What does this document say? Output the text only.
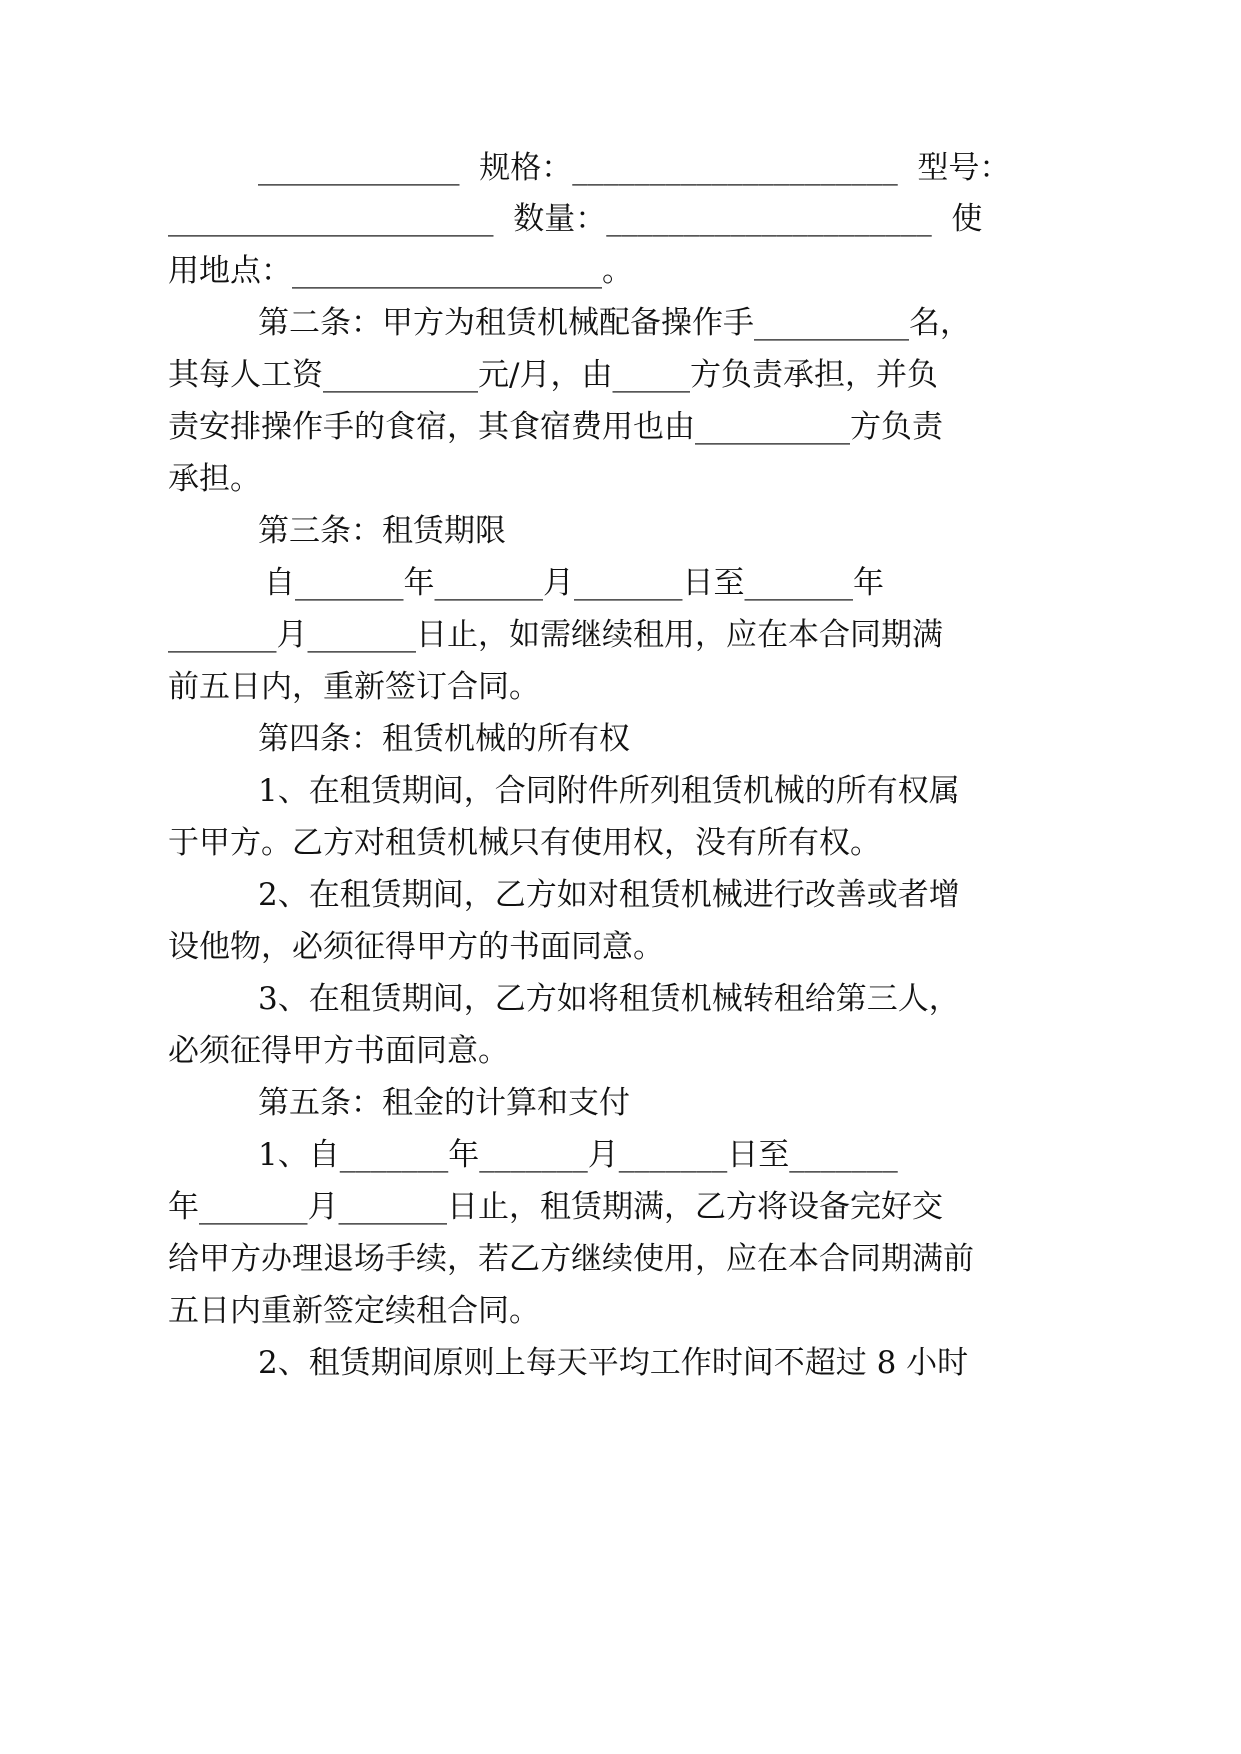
_____________  规格：_____________________  型号：
_____________________  数量：_____________________  使
用地点：____________________。
第二条：甲方为租赁机械配备操作手__________名，
其每人工资__________元/月，由_____方负责承担，并负
责安排操作手的食宿，其食宿费用也由__________方负责
承担。
第三条：租赁期限
自_______年_______月_______日至_______年
_______月_______日止，如需继续租用，应在本合同期满
前五日内，重新签订合同。
第四条：租赁机械的所有权
1、在租赁期间，合同附件所列租赁机械的所有权属
于甲方。乙方对租赁机械只有使用权，没有所有权。
2、在租赁期间，乙方如对租赁机械进行改善或者增
设他物，必须征得甲方的书面同意。
3、在租赁期间，乙方如将租赁机械转租给第三人，
必须征得甲方书面同意。
第五条：租金的计算和支付
1、自_______年_______月_______日至_______
年_______月_______日止，租赁期满，乙方将设备完好交
给甲方办理退场手续，若乙方继续使用，应在本合同期满前
五日内重新签定续租合同。
2、租赁期间原则上每天平均工作时间不超过 8 小时
